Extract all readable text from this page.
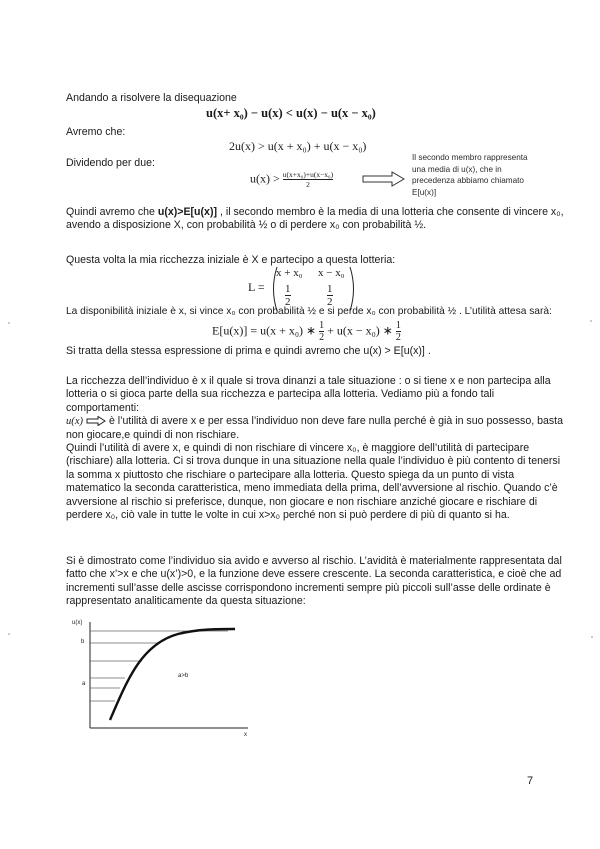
Andando a risolvere la disequazione
u(x+ x₀) − u(x) < u(x) − u(x − x₀)
Avremo che:
2u(x) > u(x + x₀) + u(x − x₀)
Dividendo per due:
$u(x) > \frac{\text{u(x+x₀)+u(x−x₀)}}{2}$
Il secondo membro rappresenta
una media di u(x), che in
precedenza abbiamo chiamato
E[u(x)]
Quindi avremo che u(x)>E[u(x)] , il secondo membro è la media di una lotteria che consente di vincere x₀,
avendo a disposizione X, con probabilità ½ o di perdere x₀ con probabilità ½.
Questa volta la mia ricchezza iniziale è X e partecipo a questa lotteria:
L =
x + x₀ x − x₀
$\frac{1}{2}$	$\frac{1}{2}$
La disponibilità iniziale è x, si vince x₀ con probabilità ½ e si perde x₀ con probabilità ½ . L’utilità attesa sarà:
E[u(x)] = u(x + x₀) ∗ $\frac{1}{2} + u(x - x_0)$ ∗ $\frac{1}{2}$
Si tratta della stessa espressione di prima e quindi avremo che u(x) > E[u(x)] .
La ricchezza dell’individuo è x il quale si trova dinanzi a tale situazione : o si tiene x e non partecipa alla
lotteria o si gioca parte della sua ricchezza e partecipa alla lotteria. Vediamo più a fondo tali
comportamenti:
u(x) è l’utilità di avere x e per essa l’individuo non deve fare nulla perché è già in suo possesso, basta
non giocare,e quindi di non rischiare.
Quindi l’utilità di avere x, e quindi di non rischiare di vincere x₀, è maggiore dell’utilità di partecipare
(rischiare) alla lotteria. Ci si trova dunque in una situazione nella quale l’individuo è più contento di tenersi
la somma x piuttosto che rischiare o partecipare alla lotteria. Questo spiega da un punto di vista
matematico la seconda caratteristica, meno immediata della prima, dell’avversione al rischio. Quando c’è
avversione al rischio si preferisce, dunque, non giocare e non rischiare anziché giocare e rischiare di
perdere x₀, ciò vale in tutte le volte in cui x>x₀ perché non si può perdere di più di quanto si ha.
Si è dimostrato come l’individuo sia avido e avverso al rischio. L’avidità è materialmente rappresentata dal
fatto che x’>x e che u(x’)>0, e la funzione deve essere crescente. La seconda caratteristica, e cioè che ad
incrementi sull’asse delle ascisse corrispondono incrementi sempre più piccoli sull’asse delle ordinate è
rappresentato analiticamente da questa situazione:
u(x)
b
a
a>b
x
7
